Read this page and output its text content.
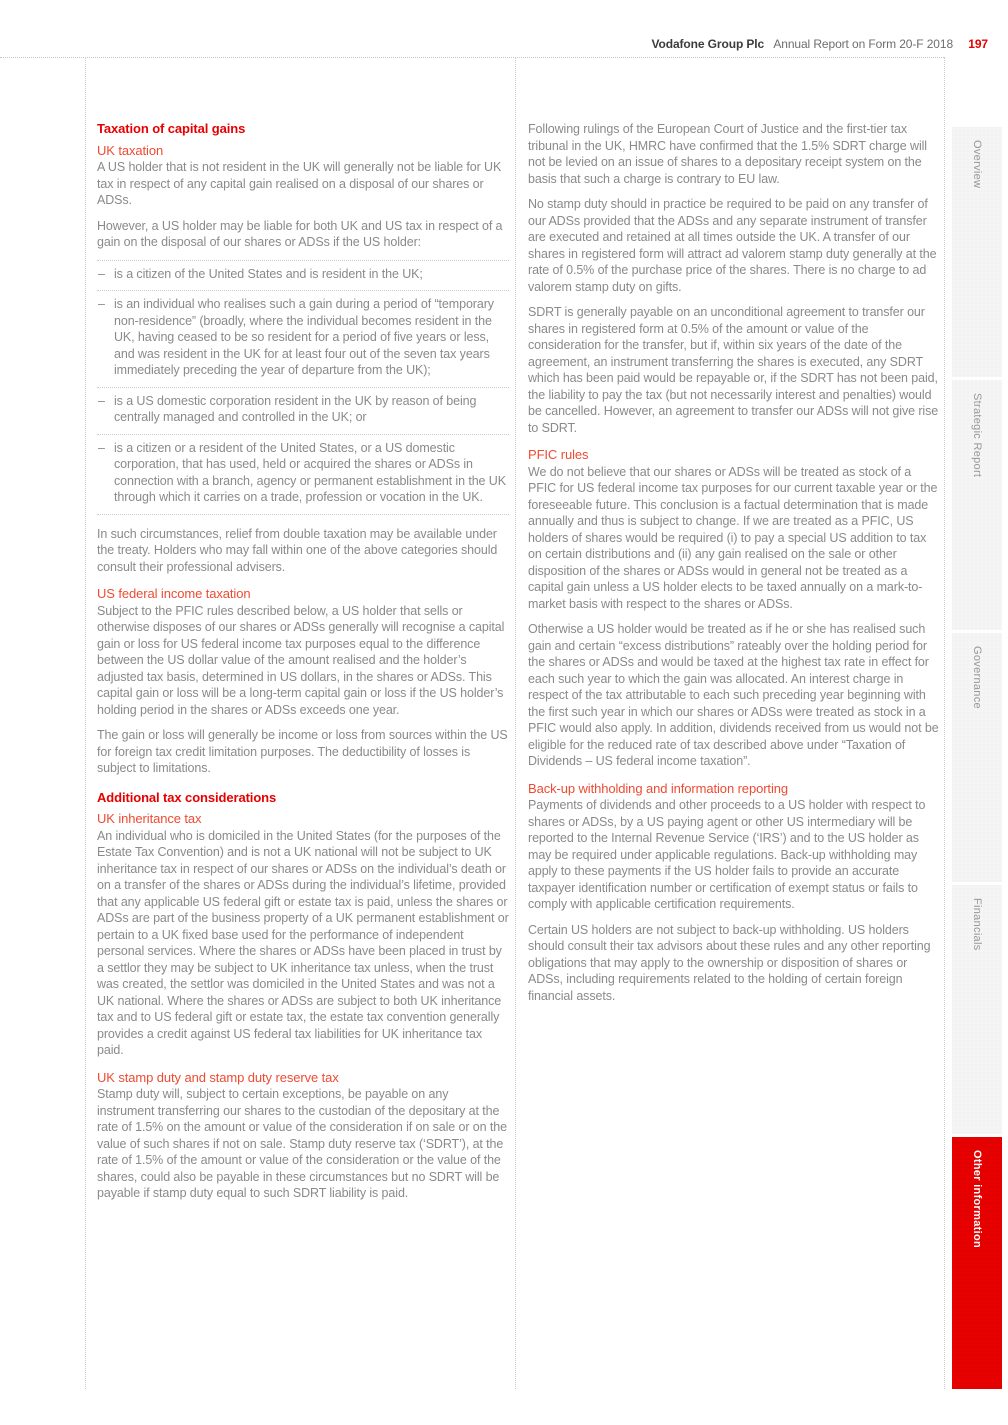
Vodafone Group Plc Annual Report on Form 20-F 2018 197
Taxation of capital gains
UK taxation

A US holder that is not resident in the UK will generally not be liable for UK tax in respect of any capital gain realised on a disposal of our shares or ADSs.

However, a US holder may be liable for both UK and US tax in respect of a gain on the disposal of our shares or ADSs if the US holder:

– is a citizen of the United States and is resident in the UK;
– is an individual who realises such a gain during a period of “temporary non-residence” (broadly, where the individual becomes resident in the UK, having ceased to be so resident for a period of five years or less, and was resident in the UK for at least four out of the seven tax years immediately preceding the year of departure from the UK);
– is a US domestic corporation resident in the UK by reason of being centrally managed and controlled in the UK; or
– is a citizen or a resident of the United States, or a US domestic corporation, that has used, held or acquired the shares or ADSs in connection with a branch, agency or permanent establishment in the UK through which it carries on a trade, profession or vocation in the UK.

In such circumstances, relief from double taxation may be available under the treaty. Holders who may fall within one of the above categories should consult their professional advisers.

US federal income taxation

Subject to the PFIC rules described below, a US holder that sells or otherwise disposes of our shares or ADSs generally will recognise a capital gain or loss for US federal income tax purposes equal to the difference between the US dollar value of the amount realised and the holder’s adjusted tax basis, determined in US dollars, in the shares or ADSs. This capital gain or loss will be a long-term capital gain or loss if the US holder’s holding period in the shares or ADSs exceeds one year.

The gain or loss will generally be income or loss from sources within the US for foreign tax credit limitation purposes. The deductibility of losses is subject to limitations.

Additional tax considerations
UK inheritance tax

An individual who is domiciled in the United States (for the purposes of the Estate Tax Convention) and is not a UK national will not be subject to UK inheritance tax in respect of our shares or ADSs on the individual’s death or on a transfer of the shares or ADSs during the individual’s lifetime, provided that any applicable US federal gift or estate tax is paid, unless the shares or ADSs are part of the business property of a UK permanent establishment or pertain to a UK fixed base used for the performance of independent personal services. Where the shares or ADSs have been placed in trust by a settlor they may be subject to UK inheritance tax unless, when the trust was created, the settlor was domiciled in the United States and was not a UK national. Where the shares or ADSs are subject to both UK inheritance tax and to US federal gift or estate tax, the estate tax convention generally provides a credit against US federal tax liabilities for UK inheritance tax paid.

UK stamp duty and stamp duty reserve tax

Stamp duty will, subject to certain exceptions, be payable on any instrument transferring our shares to the custodian of the depositary at the rate of 1.5% on the amount or value of the consideration if on sale or on the value of such shares if not on sale. Stamp duty reserve tax (‘SDRT’), at the rate of 1.5% of the amount or value of the consideration or the value of the shares, could also be payable in these circumstances but no SDRT will be payable if stamp duty equal to such SDRT liability is paid.

Following rulings of the European Court of Justice and the first-tier tax tribunal in the UK, HMRC have confirmed that the 1.5% SDRT charge will not be levied on an issue of shares to a depositary receipt system on the basis that such a charge is contrary to EU law.

No stamp duty should in practice be required to be paid on any transfer of our ADSs provided that the ADSs and any separate instrument of transfer are executed and retained at all times outside the UK. A transfer of our shares in registered form will attract ad valorem stamp duty generally at the rate of 0.5% of the purchase price of the shares. There is no charge to ad valorem stamp duty on gifts.

SDRT is generally payable on an unconditional agreement to transfer our shares in registered form at 0.5% of the amount or value of the consideration for the transfer, but if, within six years of the date of the agreement, an instrument transferring the shares is executed, any SDRT which has been paid would be repayable or, if the SDRT has not been paid, the liability to pay the tax (but not necessarily interest and penalties) would be cancelled. However, an agreement to transfer our ADSs will not give rise to SDRT.

PFIC rules

We do not believe that our shares or ADSs will be treated as stock of a PFIC for US federal income tax purposes for our current taxable year or the foreseeable future. This conclusion is a factual determination that is made annually and thus is subject to change. If we are treated as a PFIC, US holders of shares would be required (i) to pay a special US addition to tax on certain distributions and (ii) any gain realised on the sale or other disposition of the shares or ADSs would in general not be treated as a capital gain unless a US holder elects to be taxed annually on a mark-to-market basis with respect to the shares or ADSs.

Otherwise a US holder would be treated as if he or she has realised such gain and certain “excess distributions” rateably over the holding period for the shares or ADSs and would be taxed at the highest tax rate in effect for each such year to which the gain was allocated. An interest charge in respect of the tax attributable to each such preceding year beginning with the first such year in which our shares or ADSs were treated as stock in a PFIC would also apply. In addition, dividends received from us would not be eligible for the reduced rate of tax described above under “Taxation of Dividends – US federal income taxation”.

Back-up withholding and information reporting

Payments of dividends and other proceeds to a US holder with respect to shares or ADSs, by a US paying agent or other US intermediary will be reported to the Internal Revenue Service (‘IRS’) and to the US holder as may be required under applicable regulations. Back-up withholding may apply to these payments if the US holder fails to provide an accurate taxpayer identification number or certification of exempt status or fails to comply with applicable certification requirements.

Certain US holders are not subject to back-up withholding. US holders should consult their tax advisors about these rules and any other reporting obligations that may apply to the ownership or disposition of shares or ADSs, including requirements related to the holding of certain foreign financial assets.

Overview
Strategic Report
Governance
Financials
Other information
